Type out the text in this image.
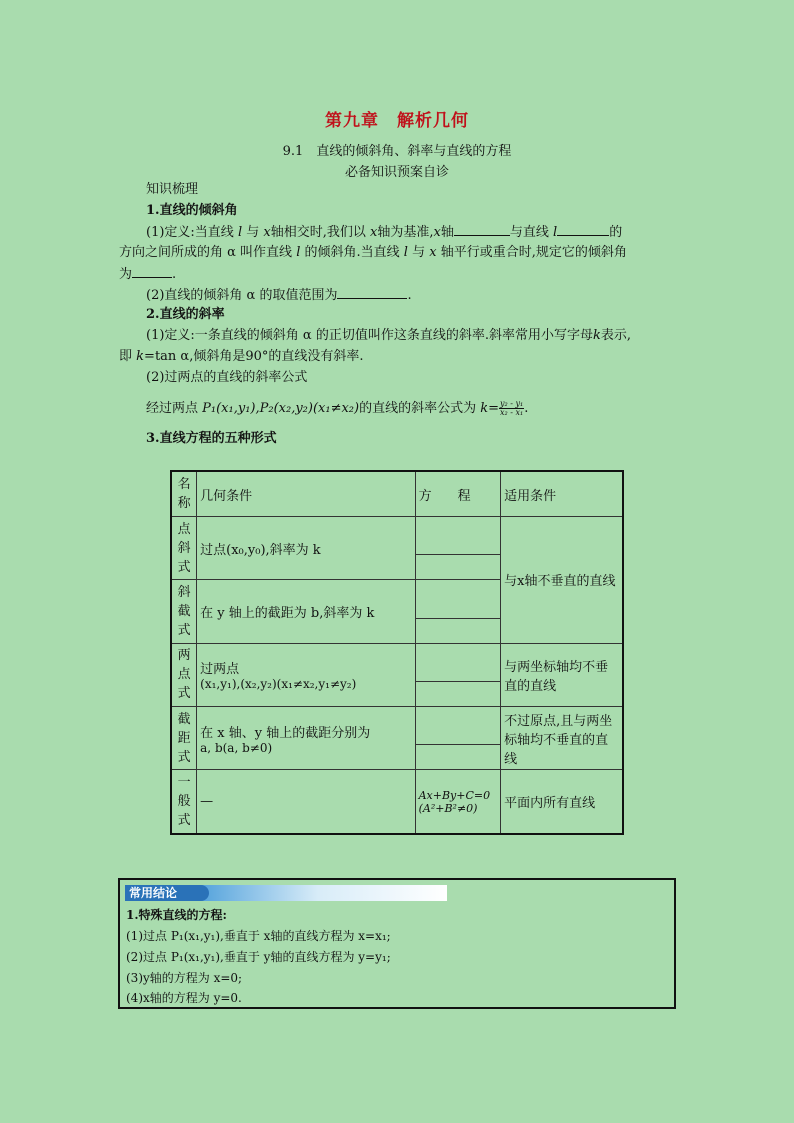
第九章　解析几何
9.1　直线的倾斜角、斜率与直线的方程
必备知识预案自诊
知识梳理
1.直线的倾斜角
(1)定义:当直线 l 与 x轴相交时,我们以 x轴为基准,x轴	与直线 l	的
方向之间所成的角 α 叫作直线 l 的倾斜角.当直线 l 与 x 轴平行或重合时,规定它的倾斜角
为	.
(2)直线的倾斜角 α 的取值范围为	.
2.直线的斜率
(1)定义:一条直线的倾斜角 α 的正切值叫作这条直线的斜率.斜率常用小写字母k表示,
即 k=tan α,倾斜角是90°的直线没有斜率.
(2)过两点的直线的斜率公式
经过两点 P₁(x₁,y₁),P₂(x₂,y₂)(x₁≠x₂)的直线的斜率公式为 $k= \frac{\text{y₂ - y₁}}{\text{x₂ - x₁}}$ .
3.直线方程的五种形式
名称	几何条件	方　　程	适用条件
点斜式	过点(x₀,y₀),斜率为 k		与x轴不垂直的直线

斜截式	在 y 轴上的截距为 b,斜率为 k		

两点式	过两点
(x₁,y₁),(x₂,y₂)(x₁≠x₂,y₁≠y₂)		与两坐标轴均不垂直的直线

截距式	在 x 轴、y 轴上的截距分别为
a, b(a, b≠0)		不过原点,且与两坐标轴均不垂直的直线

一般式	—	Ax+By+C=0
(A²+B²≠0)	平面内所有直线
常用结论
1.特殊直线的方程:
(1)过点 P₁(x₁,y₁),垂直于 x轴的直线方程为 x=x₁;
(2)过点 P₁(x₁,y₁),垂直于 y轴的直线方程为 y=y₁;
(3)y轴的方程为 x=0;
(4)x轴的方程为 y=0.
